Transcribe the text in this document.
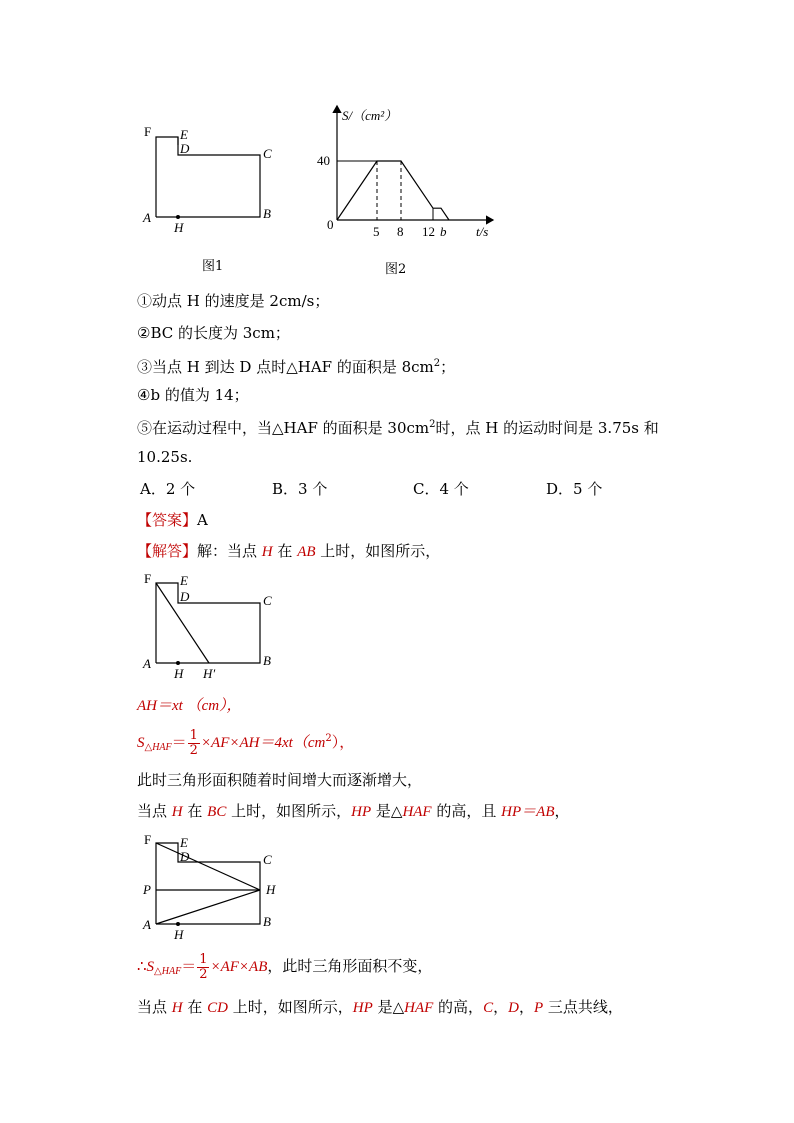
F E
D	C
A	B
H
图1
S/（cm²）
40
0	5 8 12 b t/s
图2
①动点 H 的速度是 2cm/s；
②BC 的长度为 3cm；
③当点 H 到达 D 点时△HAF 的面积是 $8cm^2$；
④b 的值为 14；
⑤在运动过程中，当△HAF 的面积是 $30cm^2$时，点 H 的运动时间是 3.75s 和
10.25s.
A．2 个	B．3 个	C．4 个	D．5 个
【答案】A
【解答】解：当点 H 在 AB 上时，如图所示，
F E
D	C
A	B
H H′
AH＝xt （cm），
$S_{\triangle HAF}= \frac{1}{2} \times AF\times AH=4xt(cm^2)$，
此时三角形面积随着时间增大而逐渐增大，
当点 H 在 BC 上时，如图所示，HP 是△HAF 的高，且 HP＝AB，
F E
D	C
P	H
A	B
H
$\therefore S_{\triangle HAF}= \frac{1}{2} \times AF\times AB$，此时三角形面积不变，
当点 H 在 CD 上时，如图所示，HP 是△HAF 的高，C，D，P 三点共线，
